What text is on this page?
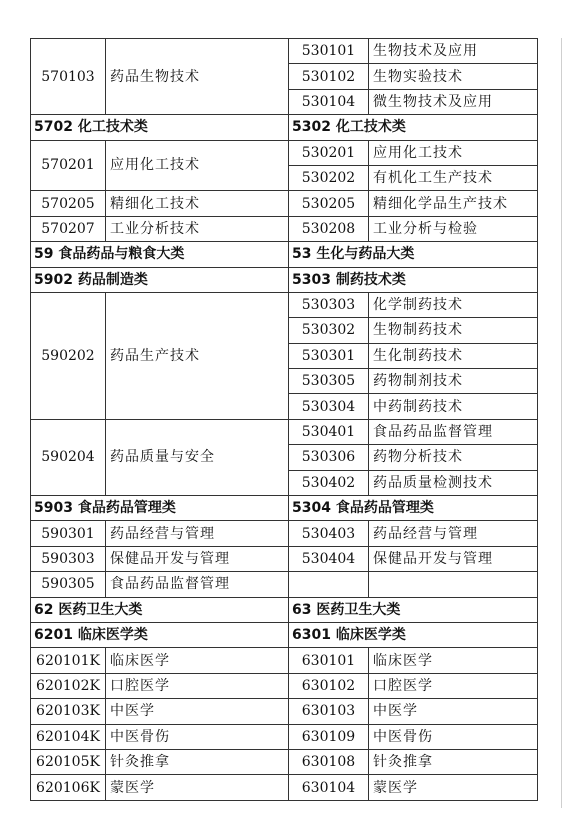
570103	药品生物技术	530101	生物技术及应用
		530102	生物实验技术
		530104	微生物技术及应用
5702 化工技术类		5302 化工技术类	
570201	应用化工技术	530201	应用化工技术
		530202	有机化工生产技术
570205	精细化工技术	530205	精细化学品生产技术
570207	工业分析技术	530208	工业分析与检验
59 食品药品与粮食大类		53 生化与药品大类	
5902 药品制造类		5303 制药技术类	
590202	药品生产技术	530303	化学制药技术
		530302	生物制药技术
		530301	生化制药技术
		530305	药物制剂技术
		530304	中药制药技术
590204	药品质量与安全	530401	食品药品监督管理
		530306	药物分析技术
		530402	药品质量检测技术
5903 食品药品管理类		5304 食品药品管理类	
590301	药品经营与管理	530403	药品经营与管理
590303	保健品开发与管理	530404	保健品开发与管理
590305	食品药品监督管理		
62 医药卫生大类		63 医药卫生大类	
6201 临床医学类		6301 临床医学类	
620101K	临床医学	630101	临床医学
620102K	口腔医学	630102	口腔医学
620103K	中医学	630103	中医学
620104K	中医骨伤	630109	中医骨伤
620105K	针灸推拿	630108	针灸推拿
620106K	蒙医学	630104	蒙医学
